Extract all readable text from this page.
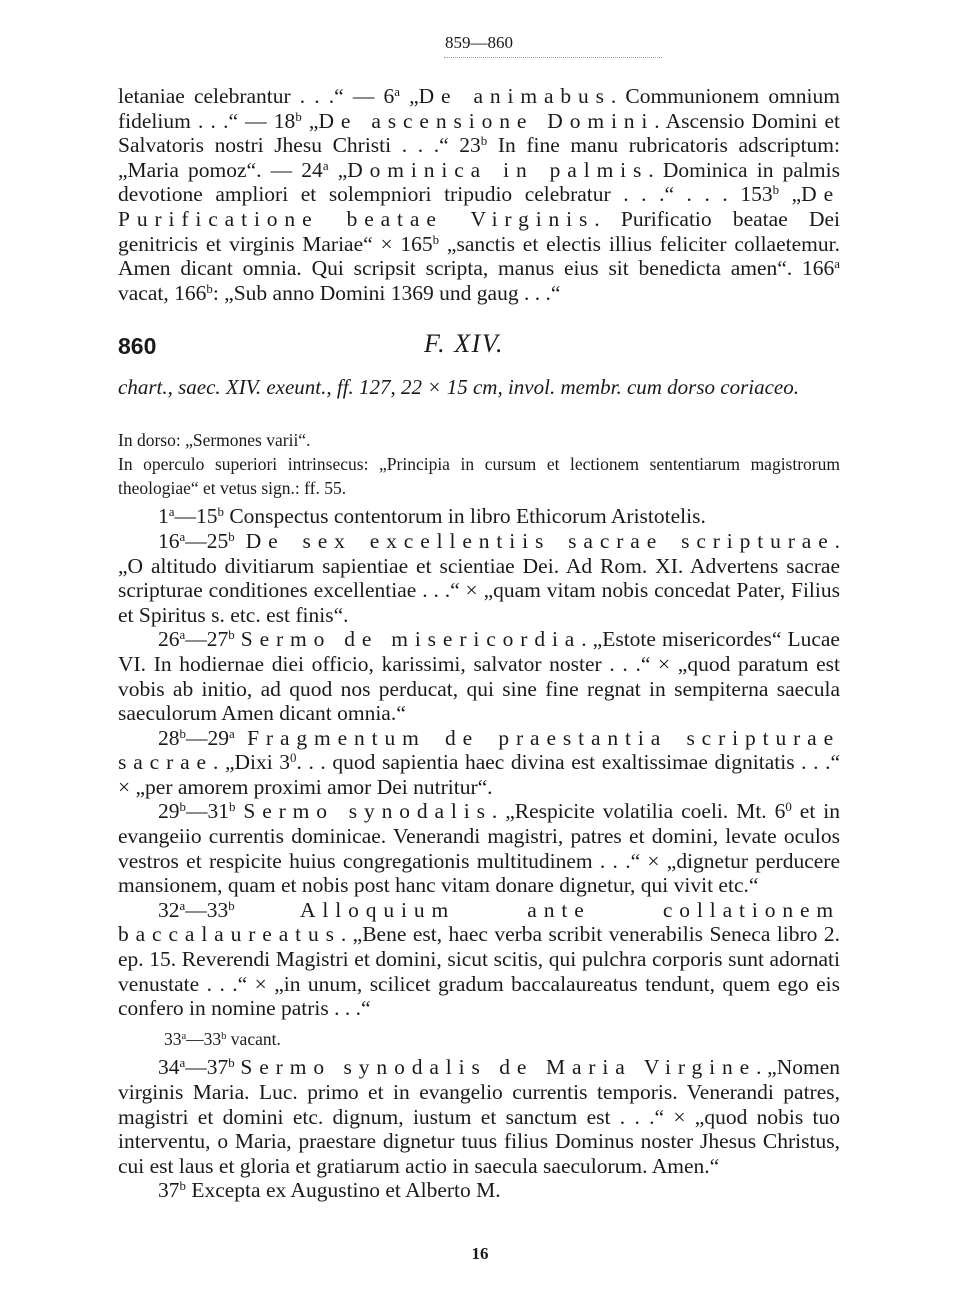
859—860

letaniae celebrantur . . .“ — 6$^a$ „De animabus. Communionem omnium fidelium . . .“ — 18$^b$ „De ascensione Domini. Ascensio Domini et Salvatoris nostri Jhesu Christi . . .“ 23$^b$ In fine manu rubricatoris adscriptum: „Maria pomoz“. — 24$^a$ „Dominica in palmis. Dominica in palmis devotione ampliori et solempniori tripudio celebratur . . .“ . . . 153$^b$ „De Purificatione beatae Virginis. Purificatio beatae Dei genitricis et virginis Mariae“ × $165^b$ „sanctis et electis illius feliciter collaetemur. Amen dicant omnia. Qui scripsit scripta, manus eius sit benedicta amen“. 166$^a$ vacat, 166$^b$: „Sub anno Domini 1369 und gaug . . .“

860	F. XIV.

chart., saec. XIV. exeunt., ff. 127, 22 × 15 cm, invol. membr. cum dorso coriaceo.

In dorso: „Sermones varii“.

In operculo superiori intrinsecus: „Principia in cursum et lectionem sententiarum magistrorum theologiae“ et vetus sign.: ff. 55.

1$^a$—15$^b$ Conspectus contentorum in libro Ethicorum Aristotelis.

16$^a$—25$^b$ De sex excellentiis sacrae scripturae. „O altitudo divitiarum sapientiae et scientiae Dei. Ad Rom. XI. Advertens sacrae scripturae conditiones excellentiae . . .“ × „quam vitam nobis concedat Pater, Filius et Spiritus s. etc. est finis“.

26$^a$—27$^b$ Sermo de misericordia. „Estote misericordes“ Lucae VI. In hodiernae diei officio, karissimi, salvator noster . . .“ × „quod paratum est vobis ab initio, ad quod nos perducat, qui sine fine regnat in sempiterna saecula saeculorum Amen dicant omnia.“

28$^b$—29$^a$ Fragmentum de praestantia scripturae sacrae. „Dixi $3^0$. . . quod sapientia haec divina est exaltissimae dignitatis . . .“ × „per amorem proximi amor Dei nutritur“.

29$^b$—31$^b$ Sermo synodalis. „Respicite volatilia coeli. Mt. $6^0$ et in evangeiio currentis dominicae. Venerandi magistri, patres et domini, levate oculos vestros et respicite huius congregationis multitudinem . . .“ × „dignetur perducere mansionem, quam et nobis post hanc vitam donare dignetur, qui vivit etc.“

32$^a$—33$^b$	Alloquium ante collationem baccalaureatus. „Bene est, haec verba scribit venerabilis Seneca libro 2. ep. 15. Reverendi Magistri et domini, sicut scitis, qui pulchra corporis sunt adornati venustate . . .“ × „in unum, scilicet gradum baccalaureatus tendunt, quem ego eis confero in nomine patris . . .“

33$^a$—33$^b$ vacant.

34$^a$—37$^b$ Sermo synodalis de Maria Virgine. „Nomen virginis Maria. Luc. primo et in evangelio currentis temporis. Venerandi patres, magistri et domini etc. dignum, iustum et sanctum est . . .“ × „quod nobis tuo interventu, o Maria, praestare dignetur tuus filius Dominus noster Jhesus Christus, cui est laus et gloria et gratiarum actio in saecula saeculorum. Amen.“

37$^b$ Excepta ex Augustino et Alberto M.

16
